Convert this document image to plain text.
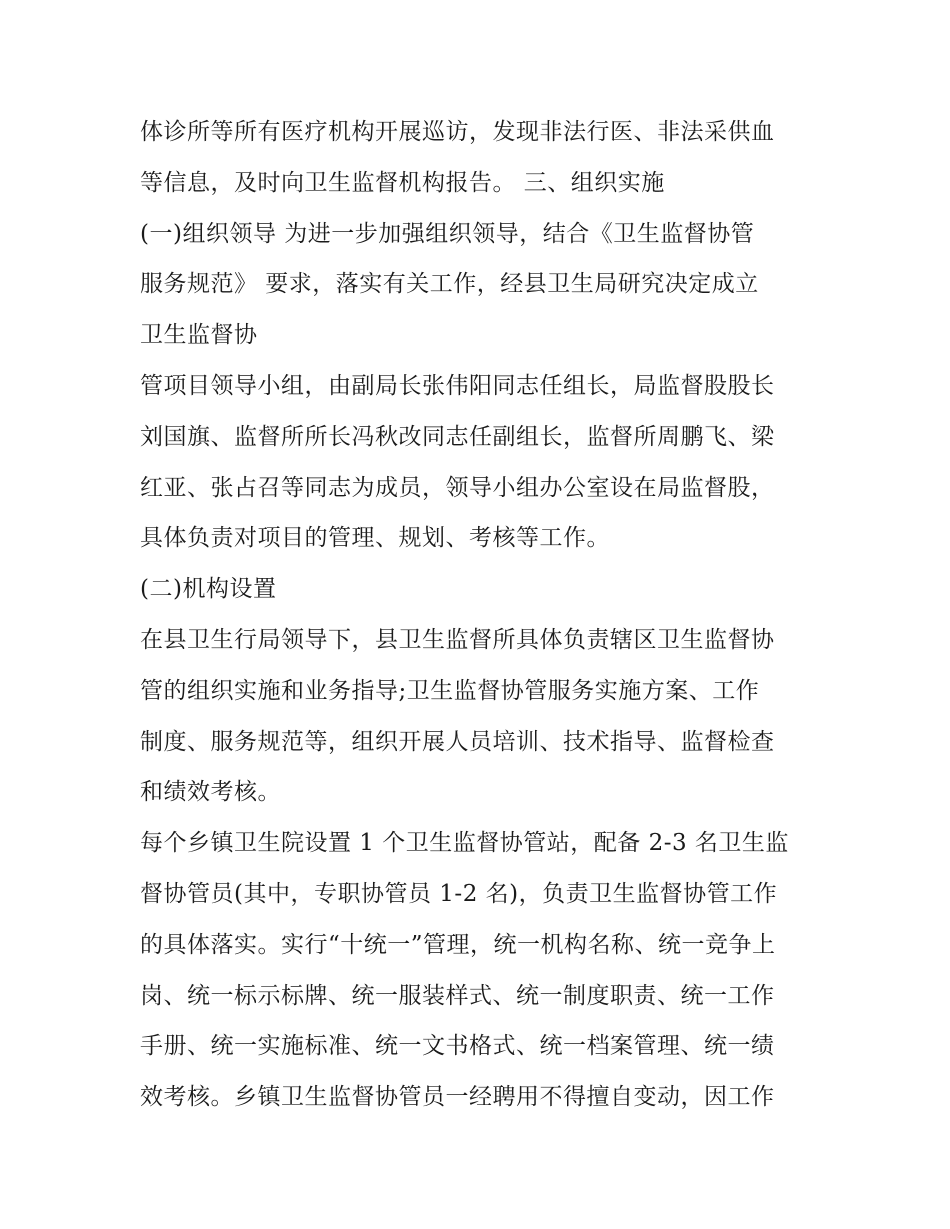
体诊所等所有医疗机构开展巡访，发现非法行医、非法采供血
等信息，及时向卫生监督机构报告。 三、组织实施
(一)组织领导 为进一步加强组织领导，结合《卫生监督协管
服务规范》 要求，落实有关工作，经县卫生局研究决定成立
卫生监督协
管项目领导小组，由副局长张伟阳同志任组长，局监督股股长
刘国旗、监督所所长冯秋改同志任副组长，监督所周鹏飞、梁
红亚、张占召等同志为成员，领导小组办公室设在局监督股，
具体负责对项目的管理、规划、考核等工作。
(二)机构设置
在县卫生行局领导下，县卫生监督所具体负责辖区卫生监督协
管的组织实施和业务指导;卫生监督协管服务实施方案、工作
制度、服务规范等，组织开展人员培训、技术指导、监督检查
和绩效考核。
每个乡镇卫生院设置 1 个卫生监督协管站，配备 2-3 名卫生监
督协管员(其中，专职协管员 1-2 名)，负责卫生监督协管工作
的具体落实。实行“十统一”管理，统一机构名称、统一竞争上
岗、统一标示标牌、统一服装样式、统一制度职责、统一工作
手册、统一实施标准、统一文书格式、统一档案管理、统一绩
效考核。乡镇卫生监督协管员一经聘用不得擅自变动，因工作
